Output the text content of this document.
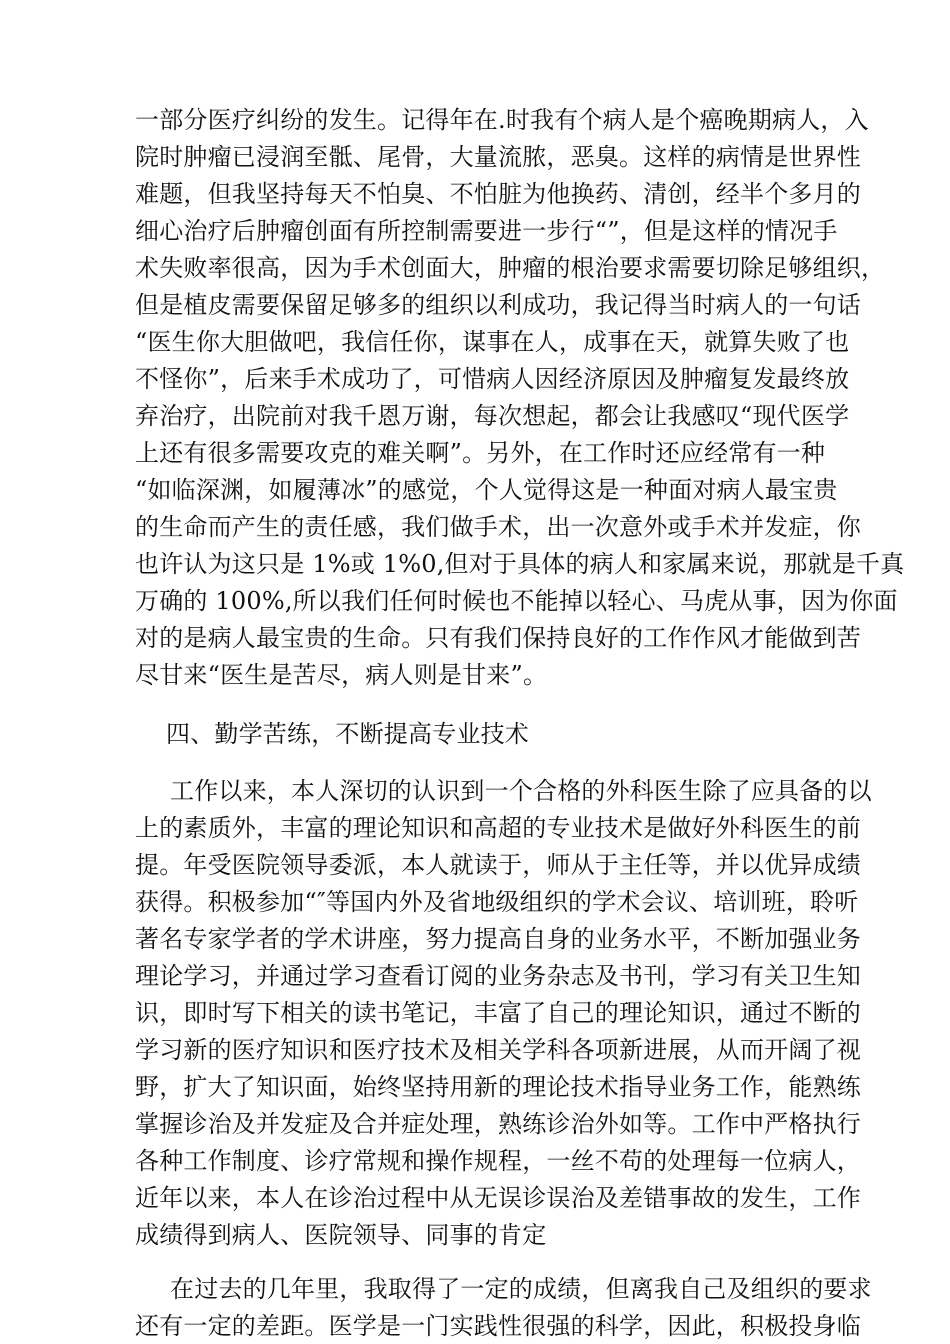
一部分医疗纠纷的发生。记得年在.时我有个病人是个癌晚期病人，入
院时肿瘤已浸润至骶、尾骨，大量流脓，恶臭。这样的病情是世界性
难题，但我坚持每天不怕臭、不怕脏为他换药、清创，经半个多月的
细心治疗后肿瘤创面有所控制需要进一步行“”，但是这样的情况手
术失败率很高，因为手术创面大，肿瘤的根治要求需要切除足够组织，
但是植皮需要保留足够多的组织以利成功，我记得当时病人的一句话
“医生你大胆做吧，我信任你，谋事在人，成事在天，就算失败了也
不怪你”，后来手术成功了，可惜病人因经济原因及肿瘤复发最终放
弃治疗，出院前对我千恩万谢，每次想起，都会让我感叹“现代医学
上还有很多需要攻克的难关啊”。另外，在工作时还应经常有一种
“如临深渊，如履薄冰”的感觉，个人觉得这是一种面对病人最宝贵
的生命而产生的责任感，我们做手术，出一次意外或手术并发症，你
也许认为这只是 1%或 1%0,但对于具体的病人和家属来说，那就是千真
万确的 100%,所以我们任何时候也不能掉以轻心、马虎从事，因为你面
对的是病人最宝贵的生命。只有我们保持良好的工作作风才能做到苦
尽甘来“医生是苦尽，病人则是甘来”。
四、勤学苦练，不断提高专业技术
工作以来，本人深切的认识到一个合格的外科医生除了应具备的以
上的素质外，丰富的理论知识和高超的专业技术是做好外科医生的前
提。年受医院领导委派，本人就读于，师从于主任等，并以优异成绩
获得。积极参加“″等国内外及省地级组织的学术会议、培训班，聆听
著名专家学者的学术讲座，努力提高自身的业务水平，不断加强业务
理论学习，并通过学习查看订阅的业务杂志及书刊，学习有关卫生知
识，即时写下相关的读书笔记，丰富了自己的理论知识，通过不断的
学习新的医疗知识和医疗技术及相关学科各项新进展，从而开阔了视
野，扩大了知识面，始终坚持用新的理论技术指导业务工作，能熟练
掌握诊治及并发症及合并症处理，熟练诊治外如等。工作中严格执行
各种工作制度、诊疗常规和操作规程，一丝不苟的处理每一位病人，
近年以来，本人在诊治过程中从无误诊误治及差错事故的发生，工作
成绩得到病人、医院领导、同事的肯定
在过去的几年里，我取得了一定的成绩，但离我自己及组织的要求
还有一定的差距。医学是一门实践性很强的科学，因此，积极投身临
